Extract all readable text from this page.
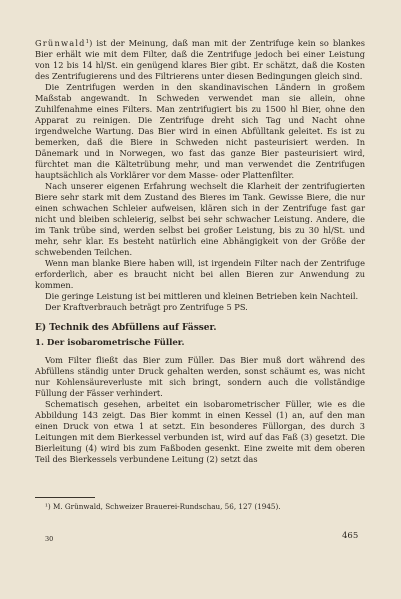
Grünwald$^1$) ist der Meinung, daß man mit der Zentrifuge kein so blankes Bier erhält wie mit dem Filter, daß die Zentrifuge jedoch bei einer Leistung von 12 bis 14 hl/St. ein genügend klares Bier gibt. Er schätzt, daß die Kosten des Zentrifugierens und des Filtrierens unter diesen Bedingungen gleich sind.

Die Zentrifugen werden in den skandinavischen Ländern in großem Maßstab angewandt. In Schweden verwendet man sie allein, ohne Zuhilfenahme eines Filters. Man zentrifugiert bis zu 1500 hl Bier, ohne den Apparat zu reinigen. Die Zentrifuge dreht sich Tag und Nacht ohne irgendwelche Wartung. Das Bier wird in einen Abfülltank geleitet. Es ist zu bemerken, daß die Biere in Schweden nicht pasteurisiert werden. In Dänemark und in Norwegen, wo fast das ganze Bier pasteurisiert wird, fürchtet man die Kältetrübung mehr, und man verwendet die Zentrifugen hauptsächlich als Vorklärer vor dem Masse- oder Plattenfilter.

Nach unserer eigenen Erfahrung wechselt die Klarheit der zentrifugierten Biere sehr stark mit dem Zustand des Bieres im Tank. Gewisse Biere, die nur einen schwachen Schleier aufweisen, klären sich in der Zentrifuge fast gar nicht und bleiben schleierig, selbst bei sehr schwacher Leistung. Andere, die im Tank trübe sind, werden selbst bei großer Leistung, bis zu 30 hl/St. und mehr, sehr klar. Es besteht natürlich eine Abhängigkeit von der Größe der schwebenden Teilchen.

Wenn man blanke Biere haben will, ist irgendein Filter nach der Zentrifuge erforderlich, aber es braucht nicht bei allen Bieren zur Anwendung zu kommen.

Die geringe Leistung ist bei mittleren und kleinen Betrieben kein Nachteil.

Der Kraftverbrauch beträgt pro Zentrifuge 5 PS.

E) Technik des Abfüllens auf Fässer.
1. Der isobarometrische Füller.

Vom Filter fließt das Bier zum Füller. Das Bier muß dort während des Abfüllens ständig unter Druck gehalten werden, sonst schäumt es, was nicht nur Kohlensäureverluste mit sich bringt, sondern auch die vollständige Füllung der Fässer verhindert.

Schematisch gesehen, arbeitet ein isobarometrischer Füller, wie es die Abbildung 143 zeigt. Das Bier kommt in einen Kessel (1) an, auf den man einen Druck von etwa 1 at setzt. Ein besonderes Füllorgan, des durch 3 Leitungen mit dem Bierkessel verbunden ist, wird auf das Faß (3) gesetzt. Die Bierleitung (4) wird bis zum Faßboden gesenkt. Eine zweite mit dem oberen Teil des Bierkessels verbundene Leitung (2) setzt das

¹) M. Grünwald, Schweizer Brauerei-Rundschau, 56, 127 (1945).
30	465
